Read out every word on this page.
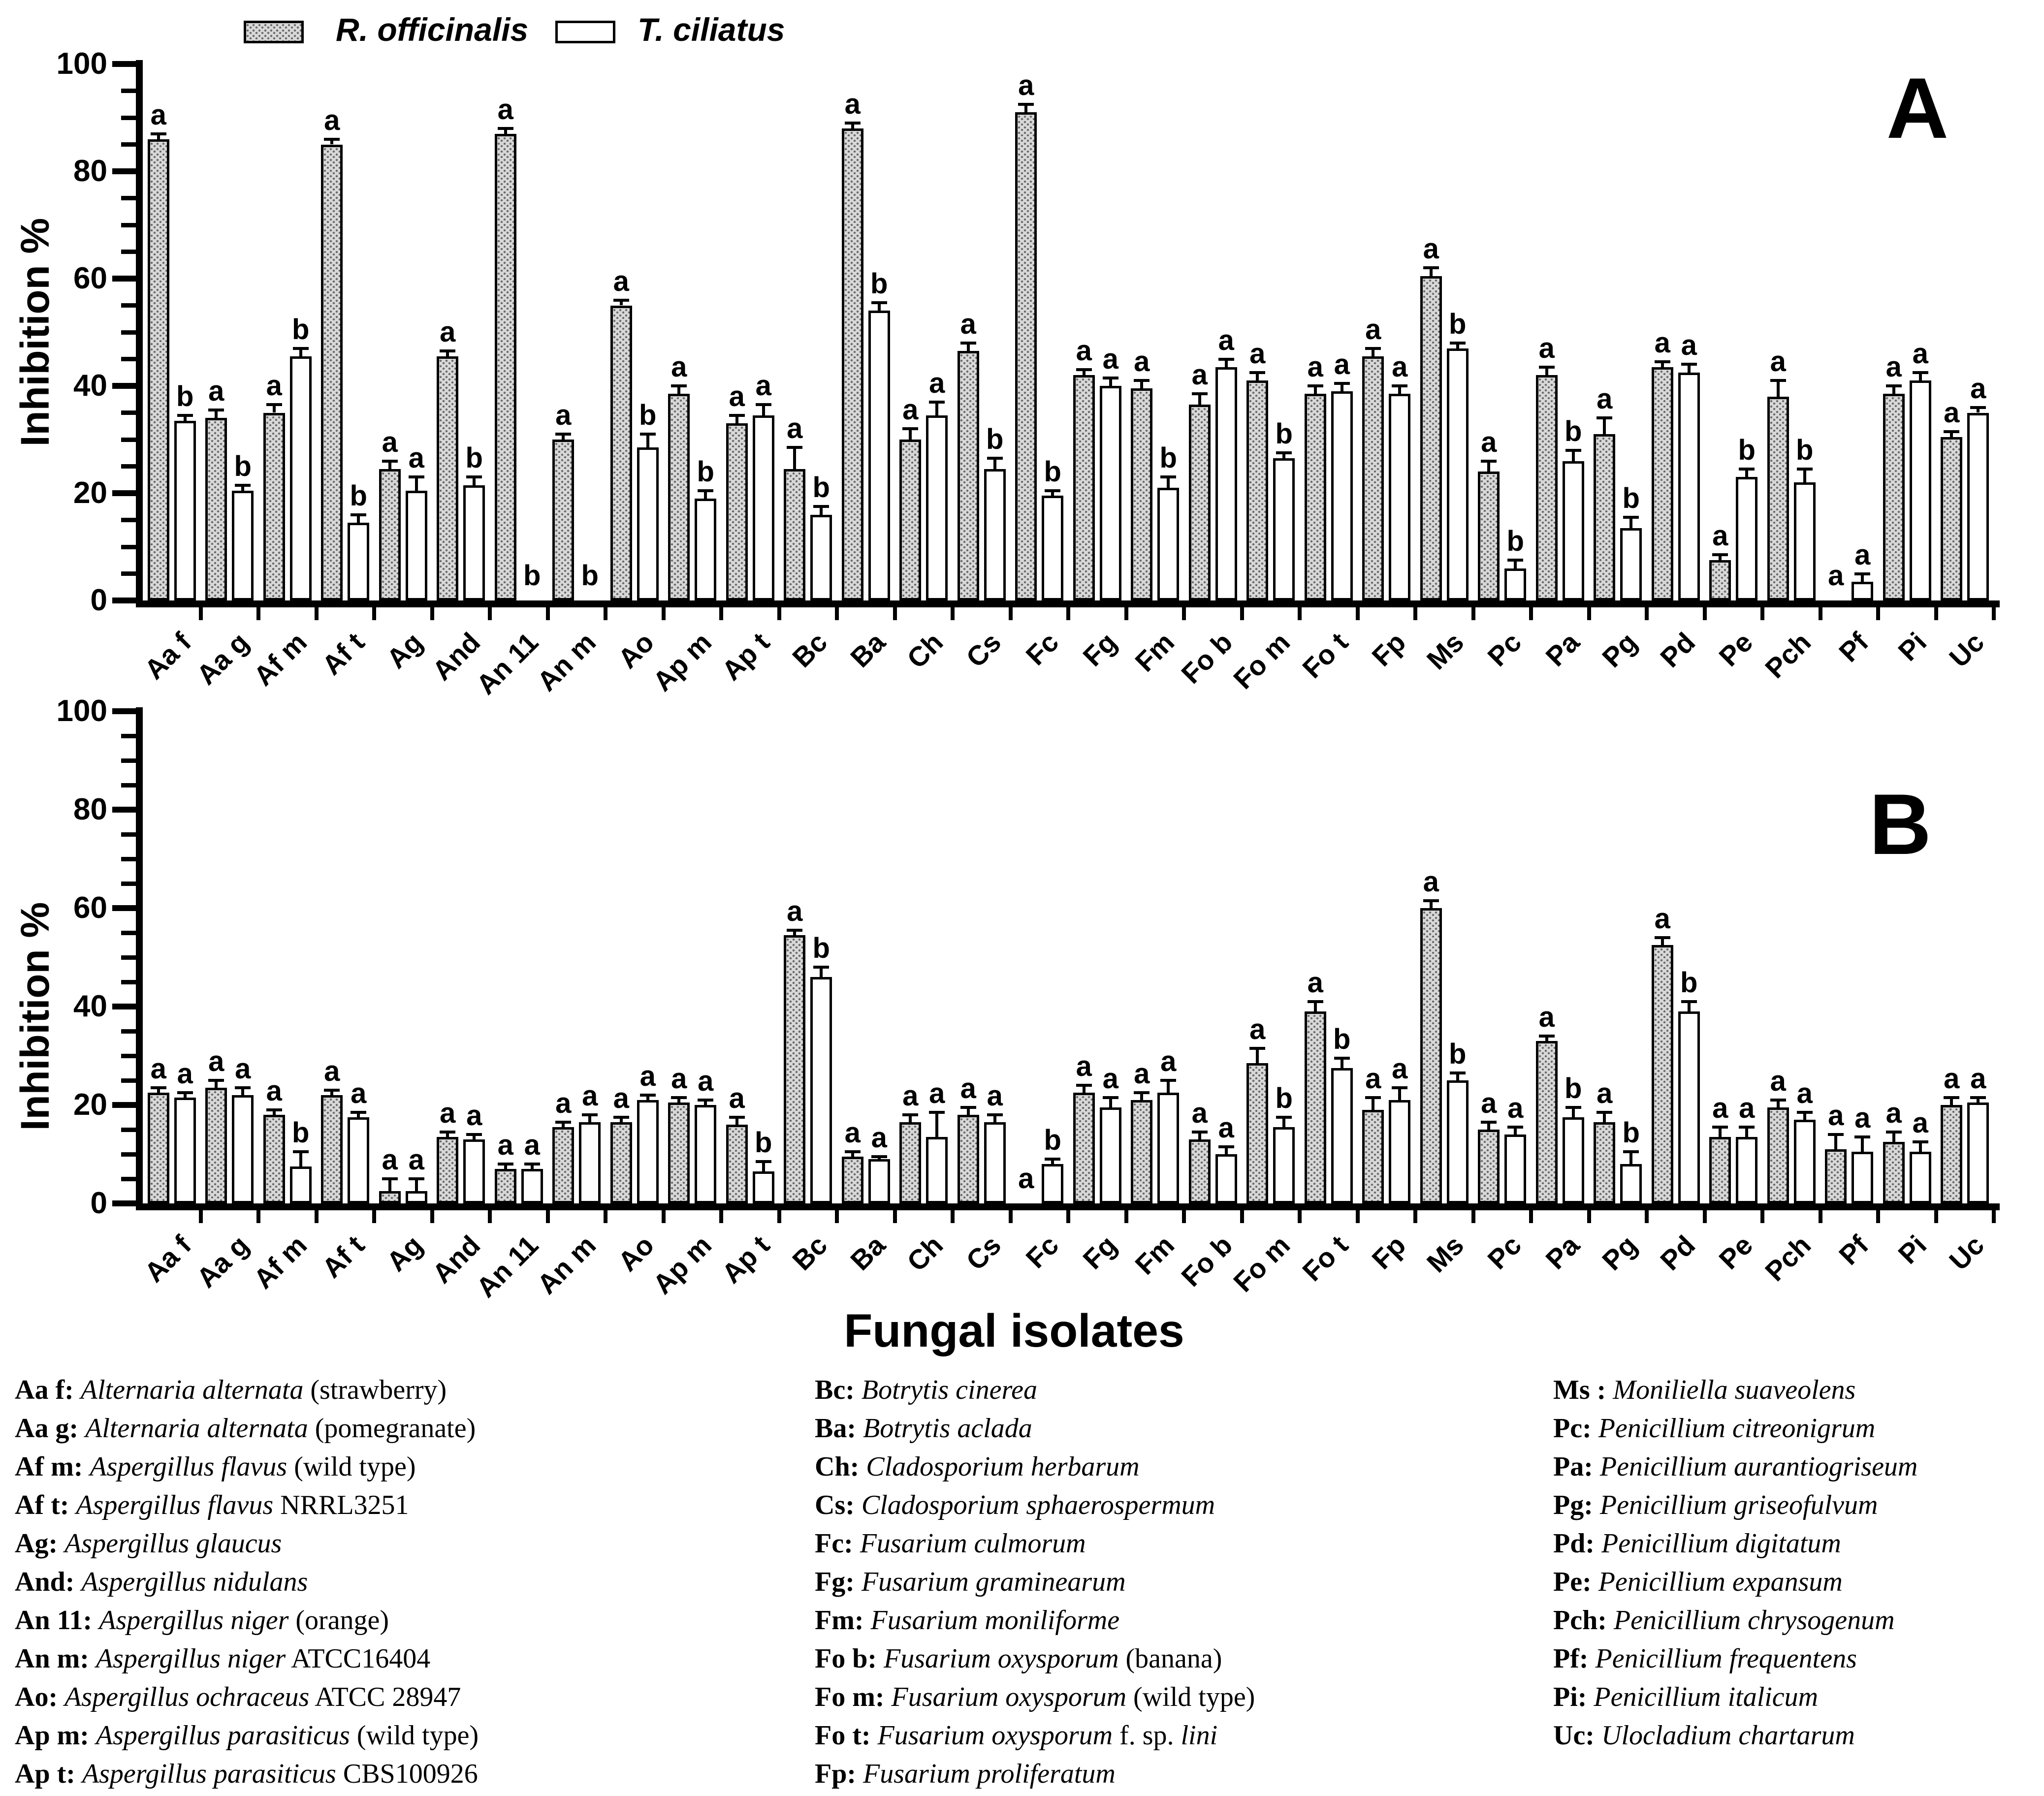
R. officinalis	T. ciliatus
Inhibition %
Inhibition %
A
B
Fungal isolates
Aa f: Alternaria alternata (strawberry)
Aa g: Alternaria alternata (pomegranate)
Af m: Aspergillus flavus (wild type)
Af t: Aspergillus flavus NRRL3251
Ag: Aspergillus glaucus
And: Aspergillus nidulans
An 11: Aspergillus niger (orange)
An m: Aspergillus niger ATCC16404
Ao: Aspergillus ochraceus ATCC 28947
Ap m: Aspergillus parasiticus (wild type)
Ap t: Aspergillus parasiticus CBS100926
Bc: Botrytis cinerea
Ba: Botrytis aclada
Ch: Cladosporium herbarum
Cs: Cladosporium sphaerospermum
Fc: Fusarium culmorum
Fg: Fusarium graminearum
Fm: Fusarium moniliforme
Fo b: Fusarium oxysporum (banana)
Fo m: Fusarium oxysporum (wild type)
Fo t: Fusarium oxysporum f. sp. lini
Fp: Fusarium proliferatum
Ms : Moniliella suaveolens
Pc: Penicillium citreonigrum
Pa: Penicillium aurantiogriseum
Pg: Penicillium griseofulvum
Pd: Penicillium digitatum
Pe: Penicillium expansum
Pch: Penicillium chrysogenum
Pf: Penicillium frequentens
Pi: Penicillium italicum
Uc: Ulocladium chartarum
0
20
40
60
80
100
Aa f
Aa g
Af m Af t Ag
And
An 11
An m Ao
Ap m
Ap t Bc Ba Ch Cs Fc Fg Fm
Fo b
Fo m Fo t Fp Ms Pc Pa Pg Pd Pe Pch Pf Pi Uc
a
a a
a
a
a
a
a
a
a
a
a
a
a
a
a
a a a
a a
a
a
a
a
a
a
a
a
a
a
a
b
b
b
b
a b
b b
b
b
a
b
b
a
b
b
a
b
a
b
a a
b
b
b
b
a
b b
a
a
a
0
20
40
60
80
100
Aa f
Aa g
Af m Af t Ag
And
An 11
An m Ao
Ap m
Ap t Bc Ba Ch Cs Fc Fg Fm
Fo b
Fo m Fo t Fp Ms Pc Pa Pg Pd Pe Pch Pf Pi Uc
a a
a
a
a
a
a
a a
a
a
a
a
a a
a
a a
a
a
a
a
a
a
a
a
a
a
a
a a
a
a a
b
a
a
a
a
a
a a
b
b
a
a a
b
a
a
a
b
b
a b
a
b
b
b
a a
a a
a
